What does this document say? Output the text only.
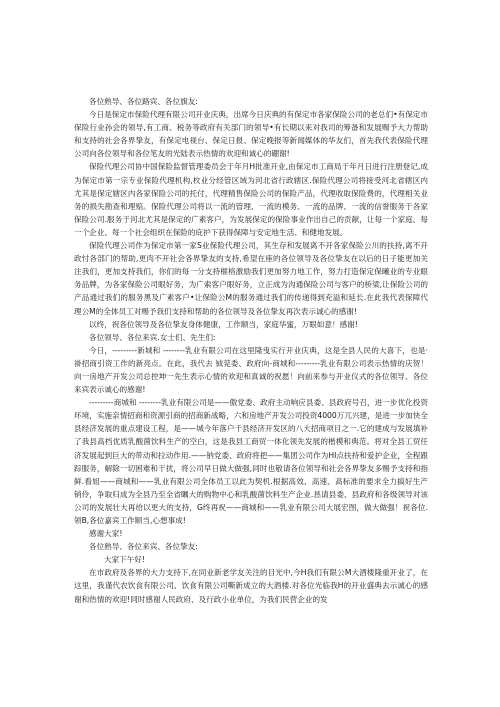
各位熟导、各位路宾、各位旗友:

今日是保定市保险代理有限公司开业庆典，出席今日庆典的有保定市各家保险公司的老总们•有保定市保险行业孙会的领导,有工商、税务等政府有关部门的领导•有长期以来对我司的筹备和发展赐予大力帮助和支持的社会各界挚友，有保定电视台、保定日报、保定晚报等新闻媒体的华友们，首先我代表保险代理公司向各位领导和各位笔友的光陆表示热情的欢迎和诚心的硼谢!

保险代理公司协中国保险监督管理委员会于年月H批准开业,由保定市工商局于年月日进行注册登记,成为保定市第一宗专业保险代理机构,枚业分经管区域为河北省行政辖区.保险代理公司将接受河北省辖区内尤其是保定辖区内各家保险公司的托付，代理精售保险公司的保险产品，代理收取保险费的，代理相关业务的损失勘查和理赔。保险代理公司将以一流的管理、一流的模务、一流的品牌、一流的信誉服务于各家保险公司.服务于河北尤其是保定的广素客户，为发展保定的保险事业作出自己的贡献，让每一个家庭、每一个企业、每一个社会组织在保险的庇护下获得保障与安定地生活、和健地发展。

保险代理公司作为保定市第一家S业保险代理公司，其生存和发展离不开各家保险公川的扶持,离不开政忖各部门的帮助,更肉不开社会各界挚友的支持,希望在座的各位领导及各位挚友在以后的日子能更加关注我们，更加支持我们，你们的每一分支持榧格激励我们更加努力地工作，努力打造保定保曦业的专业眼务品牌，为各家保险公司眼好务，为广索客户眼好务，立正成为沟通保险公司与客户的桥梁,让保险公司的产品通过我们的服务黑及广素客户•让保险公M的服务通过我们的传递得到充溢和延长.在此我代表保障代理公M的全体员工对赐予我们支持和帮助的各位领导及各位挚友再次表示诚心的感谢!

以终，祝各位领导及各位挚友身体健康，工作顺当，家庭华蜜，万眼如意！感谢!

各位领导、各位来宾.女士们、先生们:

今日，---------新城和 --------乳业有限公司在这里隆曳实行开业庆典，这是全县人民的大喜下，也是·褂招商引资工作的新亮点。在此，我代去 钺莞委、政府向-商城和---------乳业有限公司表示热情的庆贺！向一房地产开发公司总控坤一先生表示心情的欢迎和真诚的祝愿！向前来参与开业仪式的各位领导、各位来宾表示诚心的感谢!

---------商城和 --------乳业有限公司是——傲党委、政府主动响应县委、县政府号召，进一步优化投资环境，实施亲情招商和资源引商的招商新战略，六和房地产开发公司投资4000万兀兴建，是进一步加快全县经济发展的重点建设工程，是——城今年落户千县经济开发区的八大招商项目之一.它的建成与发展填补了我县高档优质乳酸菌饮料生产的空白，这是我县工商贸一体化领先发展的楷模和典范。将对全县工贸任济发展起到巨大的带动和拉动作用.——钠党委、政府将把——集团公司作为HI点扶持和爱护企业，全程跟踪服务，解除一切困难和干扰，将公司早日做大做强,同时也敬请各位领导和社会各界挚友多赐予支持和指鲜.看姐——商城和——乳业有限公司全体员工以此为契机.根据高效、高速、高标准的要求全力搞好生产销伶，争取归成为全县乃至全省瞩大的购物中心和乳酸菌饮料生产企业.恳请县委、县政府和各级领导对该公司的发展壮大再给以更大的支持，G终再祝——商城和——乳业有限公司大展宏图，做大做强！祝各位.领B,各位嘉宾工作顺当,心想事成!

感谢大家!

各位熟导、各位来宾、各位挚友:

大家下午好!

在市政府及各界的大力支持下,在同业新老学友关注的目光中,今H我们有限公M大酒楼隆重开业了，在这里，我谨代农饮食有限公司、饮食有限公司嘶新成立的大酒楼.对各位光临我H的开业盛典去示诚心的感谢和热情的欢迎!同时感谢人民政府、及行政小业单位，为我们民营企业的发
